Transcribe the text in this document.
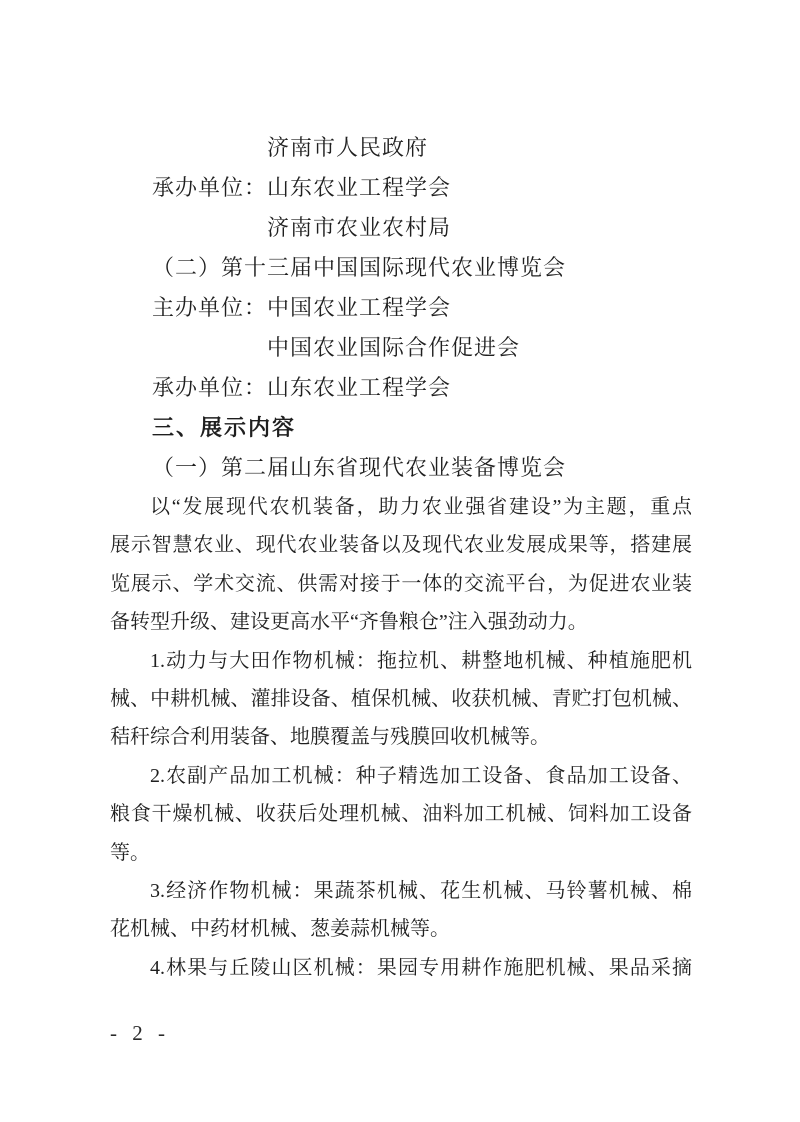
济南市人民政府
承办单位：山东农业工程学会
济南市农业农村局
（二）第十三届中国国际现代农业博览会
主办单位：中国农业工程学会
中国农业国际合作促进会
承办单位：山东农业工程学会
三、展示内容
（一）第二届山东省现代农业装备博览会
以“发展现代农机装备，助力农业强省建设”为主题，重点
展示智慧农业、现代农业装备以及现代农业发展成果等，搭建展
览展示、学术交流、供需对接于一体的交流平台，为促进农业装
备转型升级、建设更高水平“齐鲁粮仓”注入强劲动力。
1.动力与大田作物机械：拖拉机、耕整地机械、种植施肥机
械、中耕机械、灌排设备、植保机械、收获机械、青贮打包机械、
秸秆综合利用装备、地膜覆盖与残膜回收机械等。
2.农副产品加工机械：种子精选加工设备、食品加工设备、
粮食干燥机械、收获后处理机械、油料加工机械、饲料加工设备
等。
3.经济作物机械：果蔬茶机械、花生机械、马铃薯机械、棉
花机械、中药材机械、葱姜蒜机械等。
4.林果与丘陵山区机械：果园专用耕作施肥机械、果品采摘
- 2 -
